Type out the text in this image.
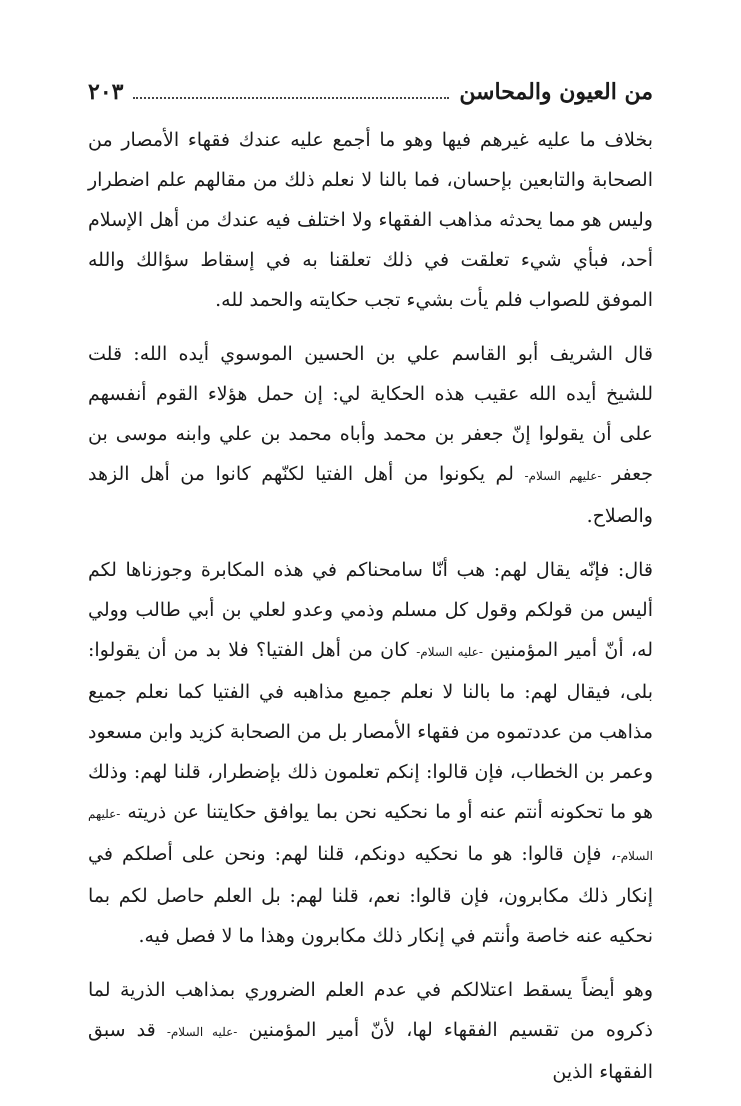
من العيون والمحاسن
٢٠٣

بخلاف ما عليه غيرهم فيها وهو ما أجمع عليه عندك فقهاء الأمصار من الصحابة والتابعين بإحسان، فما بالنا لا نعلم ذلك من مقالهم علم اضطرار وليس هو مما يحدثه مذاهب الفقهاء ولا اختلف فيه عندك من أهل الإسلام أحد، فبأي شيء تعلقت في ذلك تعلقنا به في إسقاط سؤالك والله الموفق للصواب فلم يأت بشيء تجب حكايته والحمد لله.

قال الشريف أبو القاسم علي بن الحسين الموسوي أيده الله: قلت للشيخ أيده الله عقيب هذه الحكاية لي: إن حمل هؤلاء القوم أنفسهم على أن يقولوا إنّ جعفر بن محمد وأباه محمد بن علي وابنه موسى بن جعفر -عليهم السلام- لم يكونوا من أهل الفتيا لكنّهم كانوا من أهل الزهد والصلاح.

قال: فإنّه يقال لهم: هب أنّا سامحناكم في هذه المكابرة وجوزناها لكم أليس من قولكم وقول كل مسلم وذمي وعدو لعلي بن أبي طالب وولي له، أنّ أمير المؤمنين -عليه السلام- كان من أهل الفتيا؟ فلا بد من أن يقولوا: بلى، فيقال لهم: ما بالنا لا نعلم جميع مذاهبه في الفتيا كما نعلم جميع مذاهب من عددتموه من فقهاء الأمصار بل من الصحابة كزيد وابن مسعود وعمر بن الخطاب، فإن قالوا: إنكم تعلمون ذلك بإضطرار، قلنا لهم: وذلك هو ما تحكونه أنتم عنه أو ما نحكيه نحن بما يوافق حكايتنا عن ذريته -عليهم السلام-، فإن قالوا: هو ما نحكيه دونكم، قلنا لهم: ونحن على أصلكم في إنكار ذلك مكابرون، فإن قالوا: نعم، قلنا لهم: بل العلم حاصل لكم بما نحكيه عنه خاصة وأنتم في إنكار ذلك مكابرون وهذا ما لا فصل فيه.

وهو أيضاً يسقط اعتلالكم في عدم العلم الضروري بمذاهب الذرية لما ذكروه من تقسيم الفقهاء لها، لأنّ أمير المؤمنين -عليه السلام- قد سبق الفقهاء الذين
